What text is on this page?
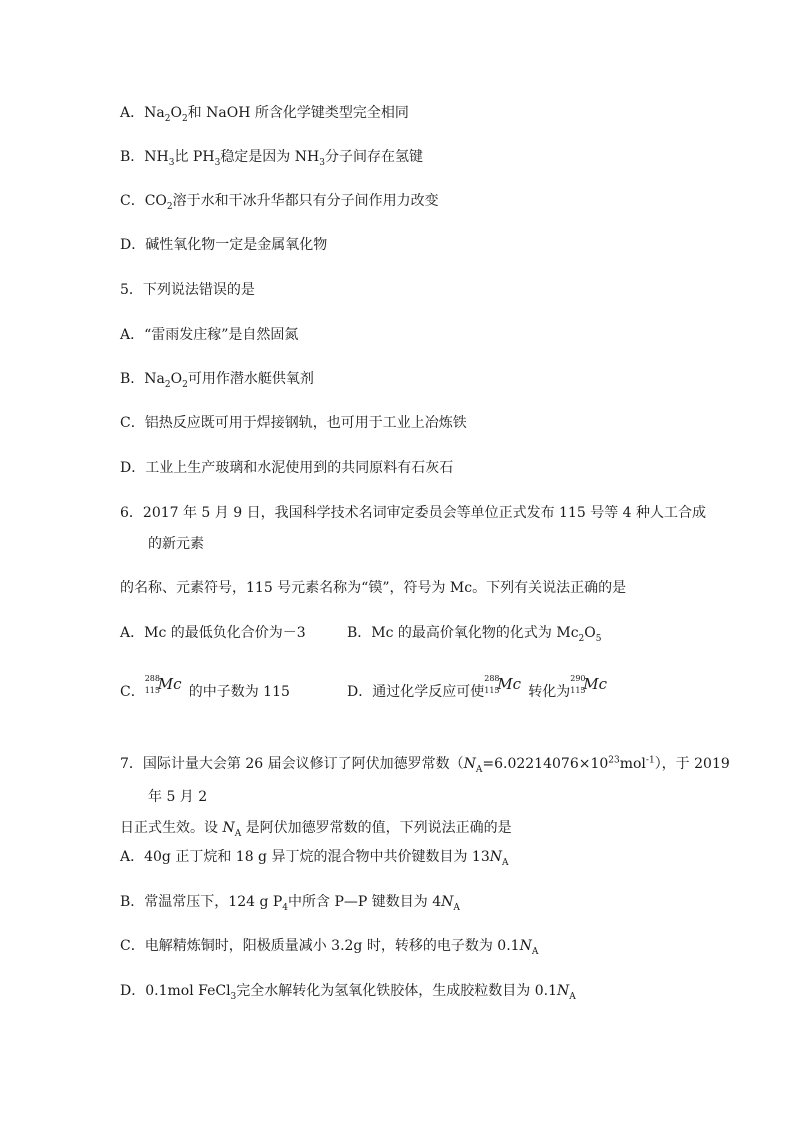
A．$Na_2O_2$和 NaOH 所含化学键类型完全相同
B．$NH_3$比 $PH_3$稳定是因为 $NH_3$分子间存在氢键
C．$CO_2$溶于水和干冰升华都只有分子间作用力改变
D．碱性氧化物一定是金属氧化物
5．下列说法错误的是
A．“雷雨发庄稼”是自然固氮
B．$Na_2O_2$可用作潜水艇供氧剂
C．铝热反应既可用于焊接钢轨，也可用于工业上冶炼铁
D．工业上生产玻璃和水泥使用到的共同原料有石灰石
6．2017 年 5 月 9 日，我国科学技术名词审定委员会等单位正式发布 115 号等 4 种人工合成
的新元素
的名称、元素符号，115 号元素名称为“镆”，符号为 Mc。下列有关说法正确的是
A．Mc 的最低负化合价为－3	B．Mc 的最高价氧化物的化式为 $Mc_2O_5$
C．
288
115
Mc 的中子数为 115	D．通过化学反应可使
288
115
Mc 转化为
290
115
Mc
7．国际计量大会第 26 届会议修订了阿伏加德罗常数$(N_A=6.02214076\times 10^{23}mol^{-1})$，于 2019
年 5 月 2
日正式生效。设 $N_A$ 是阿伏加德罗常数的值，下列说法正确的是
A．40g 正丁烷和 18 g 异丁烷的混合物中共价键数目为 $13N_A$
B．常温常压下，124 g $P_4$中所含 P—P 键数目为 $4N_A$
C．电解精炼铜时，阳极质量减小 3.2g 时，转移的电子数为 $0.1N_A$
D．0.1mol FeCl$_3$完全水解转化为氢氧化铁胶体，生成胶粒数目为 $0.1N_A$
